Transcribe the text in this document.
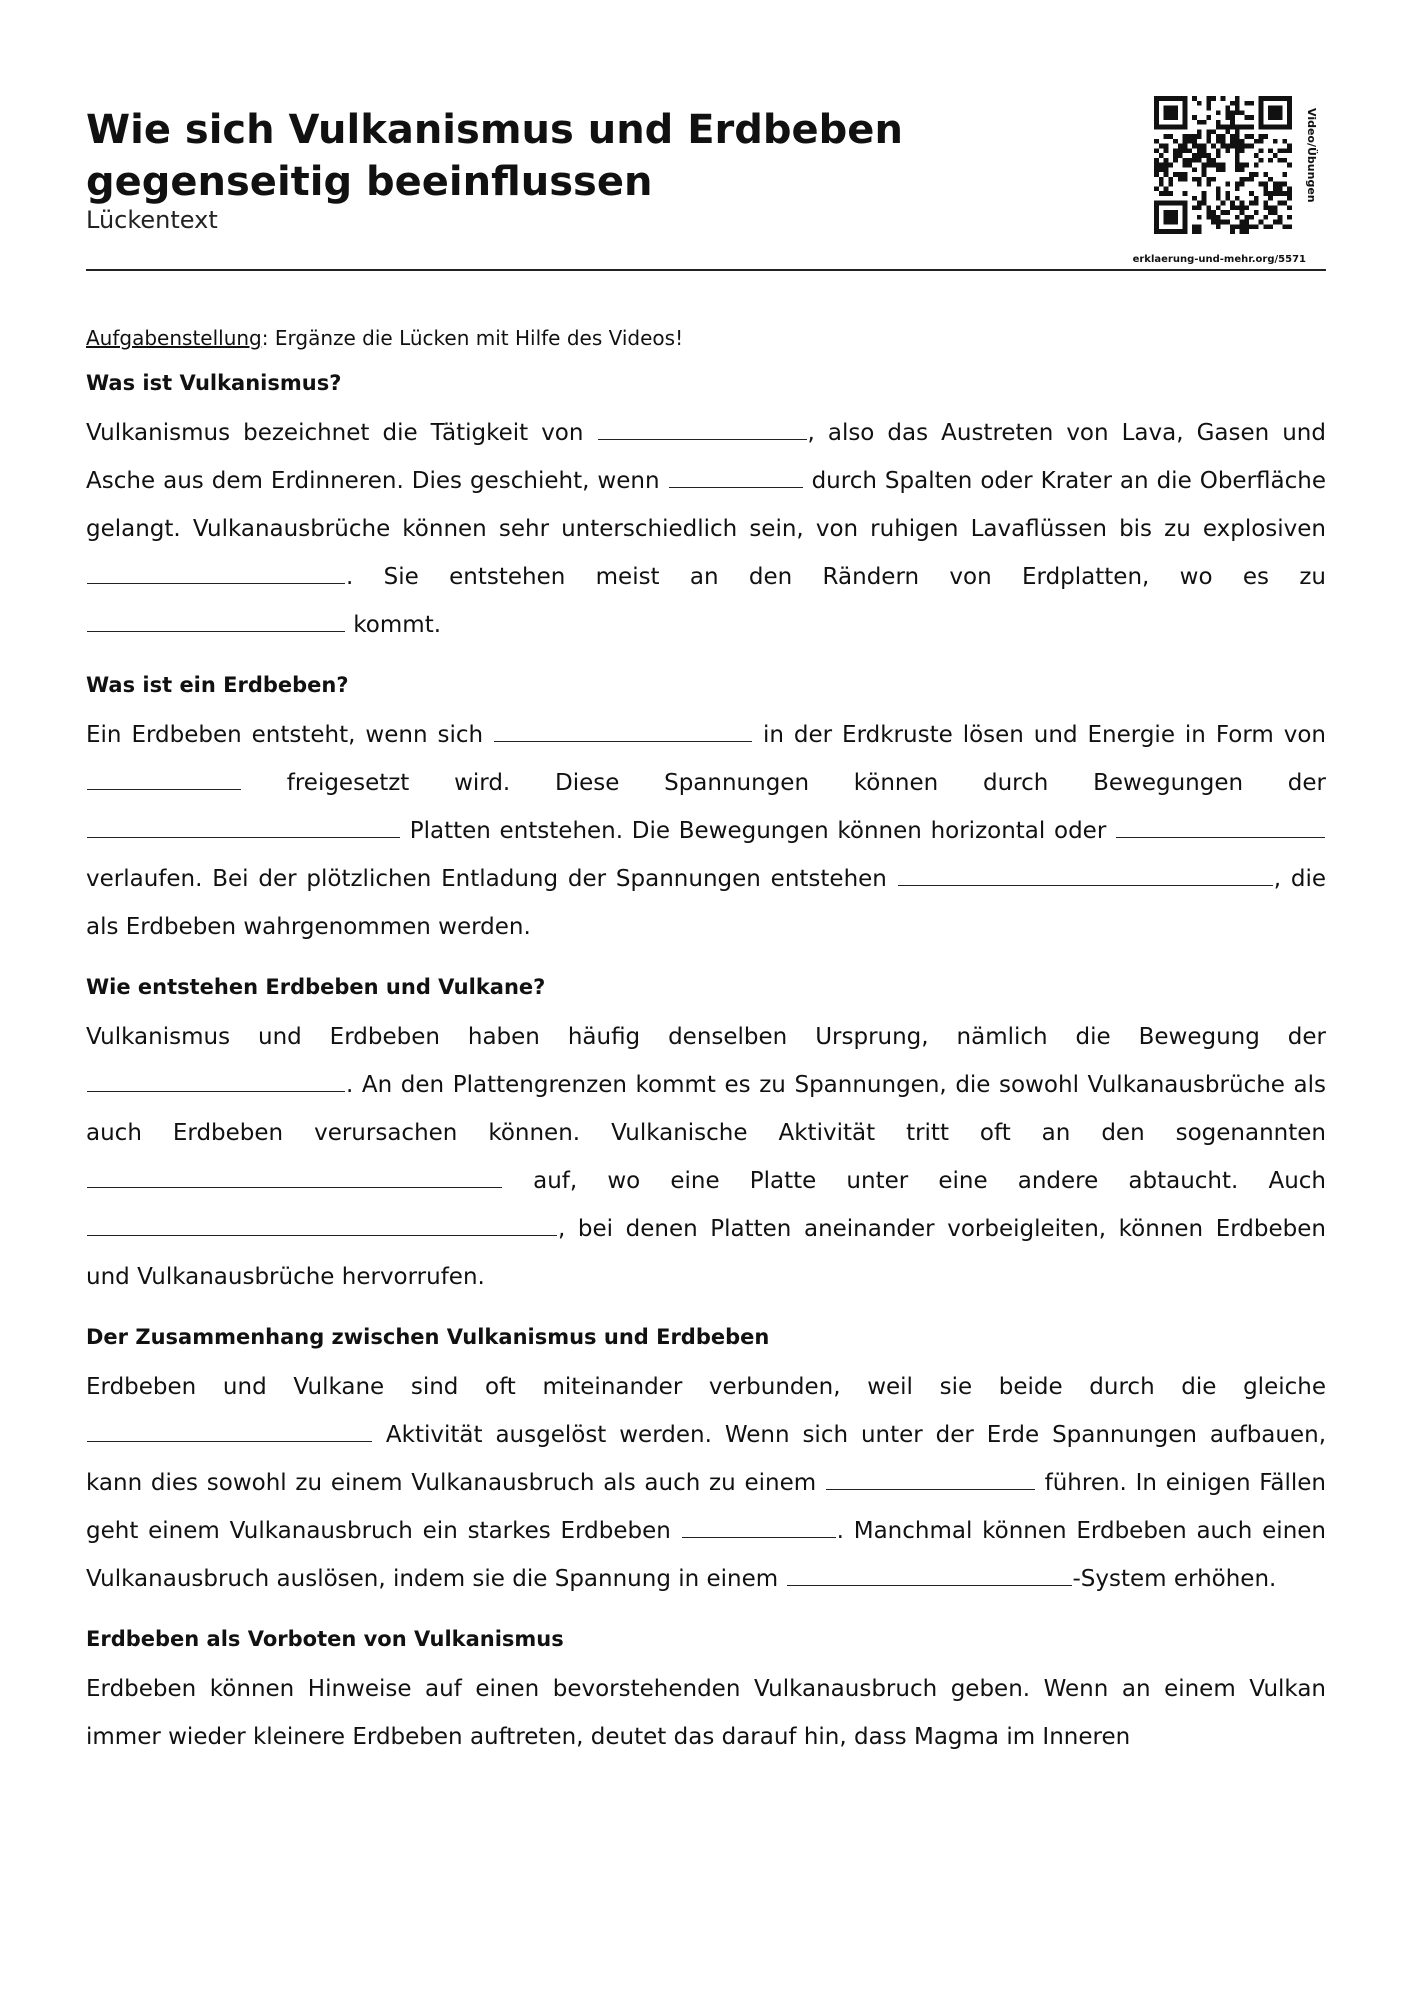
Wie sich Vulkanismus und Erdbeben gegenseitig beeinflussen
Lückentext
Video/Übungen
erklaerung-und-mehr.org/5571

Aufgabenstellung: Ergänze die Lücken mit Hilfe des Videos!

Was ist Vulkanismus?

Vulkanismus bezeichnet die Tätigkeit von	, also das Austreten von Lava, Gasen und Asche aus dem Erdinneren. Dies geschieht, wenn	durch Spalten oder Krater an die Oberfläche gelangt. Vulkanausbrüche können sehr unterschiedlich sein, von ruhigen Lavaflüssen bis zu explosiven . Sie entstehen meist an den Rändern von Erdplatten, wo es zu  kommt.

Was ist ein Erdbeben?

Ein Erdbeben entsteht, wenn sich	in der Erdkruste lösen und Energie in Form von  freigesetzt wird. Diese Spannungen können durch Bewegungen der  Platten entstehen. Die Bewegungen können horizontal oder  verlaufen. Bei der plötzlichen Entladung der Spannungen entstehen	, die als Erdbeben wahrgenommen werden.

Wie entstehen Erdbeben und Vulkane?

Vulkanismus und Erdbeben haben häufig denselben Ursprung, nämlich die Bewegung der . An den Plattengrenzen kommt es zu Spannungen, die sowohl Vulkanausbrüche als auch Erdbeben verursachen können. Vulkanische Aktivität tritt oft an den sogenannten  auf, wo eine Platte unter eine andere abtaucht. Auch , bei denen Platten aneinander vorbeigleiten, können Erdbeben und Vulkanausbrüche hervorrufen.

Der Zusammenhang zwischen Vulkanismus und Erdbeben

Erdbeben und Vulkane sind oft miteinander verbunden, weil sie beide durch die gleiche  Aktivität ausgelöst werden. Wenn sich unter der Erde Spannungen aufbauen, kann dies sowohl zu einem Vulkanausbruch als auch zu einem	führen. In einigen Fällen geht einem Vulkanausbruch ein starkes Erdbeben	. Manchmal können Erdbeben auch einen Vulkanausbruch auslösen, indem sie die Spannung in einem	-System erhöhen.

Erdbeben als Vorboten von Vulkanismus

Erdbeben können Hinweise auf einen bevorstehenden Vulkanausbruch geben. Wenn an einem Vulkan immer wieder kleinere Erdbeben auftreten, deutet das darauf hin, dass Magma im Inneren
